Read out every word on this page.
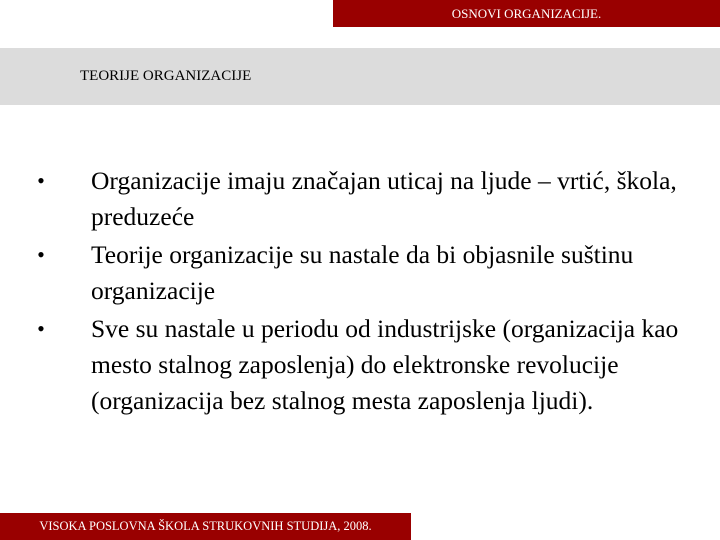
OSNOVI ORGANIZACIJE.
TEORIJE ORGANIZACIJE
• Organizacije imaju značajan uticaj na ljude – vrtić, škola, preduzeće
• Teorije organizacije su nastale da bi objasnile suštinu organizacije
• Sve su nastale u periodu od industrijske (organizacija kao mesto stalnog zaposlenja) do elektronske revolucije (organizacija bez stalnog mesta zaposlenja ljudi).
VISOKA POSLOVNA ŠKOLA STRUKOVNIH STUDIJA, 2008.
